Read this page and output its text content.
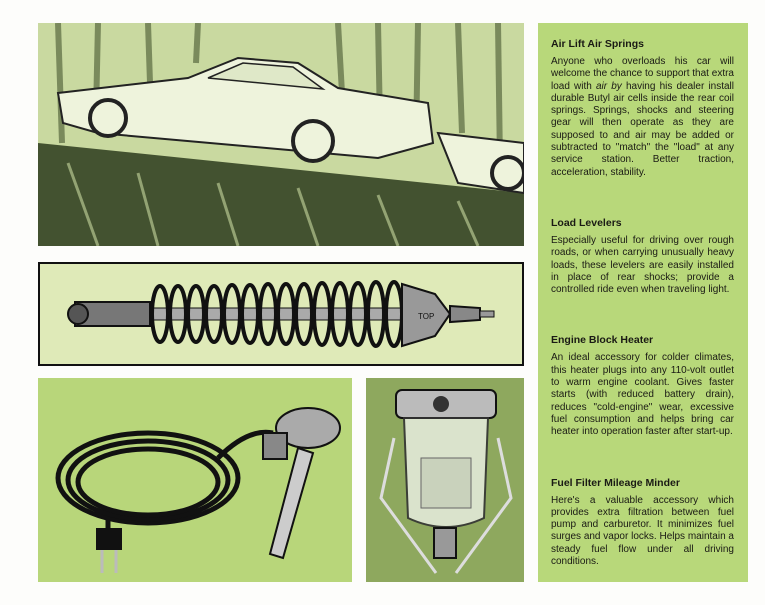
TOP
Air Lift Air Springs

Anyone who overloads his car will welcome the chance to support that extra load with air by having his dealer install durable Butyl air cells inside the rear coil springs. Springs, shocks and steering gear will then operate as they are supposed to and air may be added or subtracted to "match" the "load" at any service station. Better traction, acceleration, stability.

Load Levelers

Especially useful for driving over rough roads, or when carrying unusually heavy loads, these levelers are easily installed in place of rear shocks; provide a controlled ride even when traveling light.

Engine Block Heater

An ideal accessory for colder climates, this heater plugs into any 110-volt outlet to warm engine coolant. Gives faster starts (with reduced battery drain), reduces "cold-engine" wear, excessive fuel consumption and helps bring car heater into operation faster after start-up.

Fuel Filter Mileage Minder

Here's a valuable accessory which provides extra filtration between fuel pump and carburetor. It minimizes fuel surges and vapor locks. Helps maintain a steady fuel flow under all driving conditions.
